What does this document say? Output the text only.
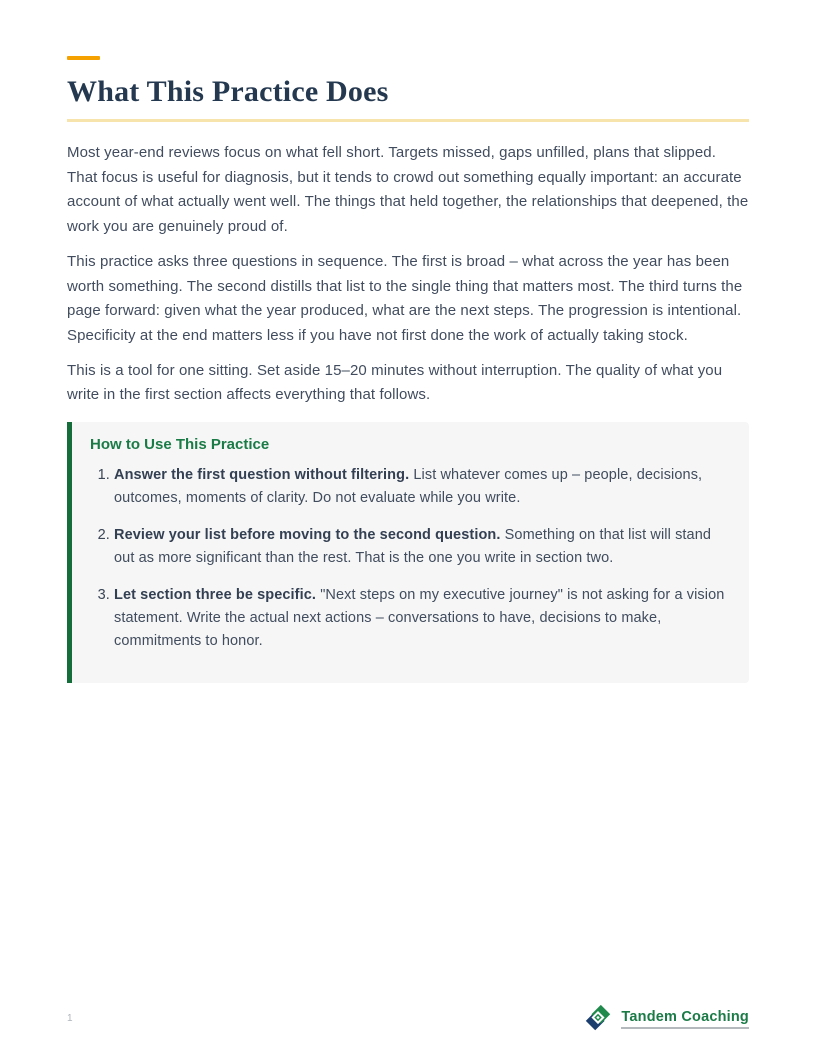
What This Practice Does

Most year-end reviews focus on what fell short. Targets missed, gaps unfilled, plans that slipped. That focus is useful for diagnosis, but it tends to crowd out something equally important: an accurate account of what actually went well. The things that held together, the relationships that deepened, the work you are genuinely proud of.

This practice asks three questions in sequence. The first is broad – what across the year has been worth something. The second distills that list to the single thing that matters most. The third turns the page forward: given what the year produced, what are the next steps. The progression is intentional. Specificity at the end matters less if you have not first done the work of actually taking stock.

This is a tool for one sitting. Set aside 15–20 minutes without interruption. The quality of what you write in the first section affects everything that follows.

How to Use This Practice
1. Answer the first question without filtering. List whatever comes up – people, decisions, outcomes, moments of clarity. Do not evaluate while you write.
2. Review your list before moving to the second question. Something on that list will stand out as more significant than the rest. That is the one you write in section two.
3. Let section three be specific. "Next steps on my executive journey" is not asking for a vision statement. Write the actual next actions – conversations to have, decisions to make, commitments to honor.
1	Tandem Coaching
